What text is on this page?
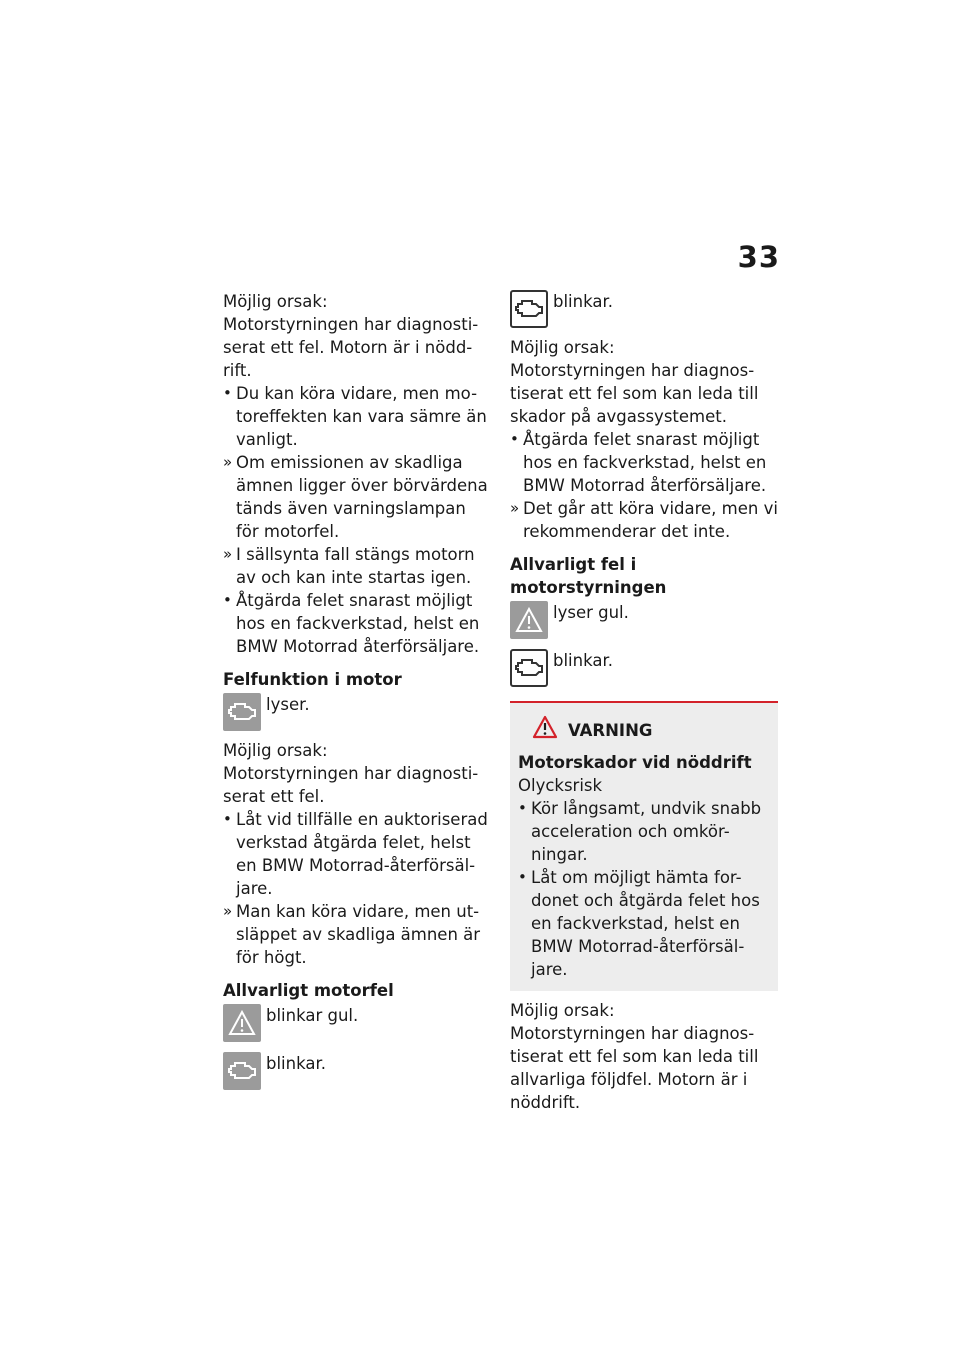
33

Möjlig orsak:

Motorstyrningen har diagnosti-serat ett fel. Motorn är i nödd-rift.

• Du kan köra vidare, men mo-toreffekten kan vara sämre än vanligt.
» Om emissionen av skadliga ämnen ligger över börvärdena tänds även varningslampan för motorfel.
» I sällsynta fall stängs motorn av och kan inte startas igen.
• Åtgärda felet snarast möjligt hos en fackverkstad, helst en BMW Motorrad återförsäljare.

Felfunktion i motor

lyser.

Möjlig orsak:

Motorstyrningen har diagnosti-serat ett fel.

• Låt vid tillfälle en auktoriserad verkstad åtgärda felet, helst en BMW Motorrad-återförsäl-jare.
» Man kan köra vidare, men ut-släppet av skadliga ämnen är för högt.

Allvarligt motorfel

blinkar gul.
blinkar.
blinkar.

Möjlig orsak:

Motorstyrningen har diagnos-tiserat ett fel som kan leda till skador på avgassystemet.

• Åtgärda felet snarast möjligt hos en fackverkstad, helst en BMW Motorrad återförsäljare.
» Det går att köra vidare, men vi rekommenderar det inte.

Allvarligt fel i motorstyrningen

lyser gul.
blinkar.
VARNING

Motorskador vid nöddrift

Olycksrisk

• Kör långsamt, undvik snabb acceleration och omkör-ningar.
• Låt om möjligt hämta for-donet och åtgärda felet hos en fackverkstad, helst en BMW Motorrad-återförsäl-jare.

Möjlig orsak:

Motorstyrningen har diagnos-tiserat ett fel som kan leda till allvarliga följdfel. Motorn är i nöddrift.
